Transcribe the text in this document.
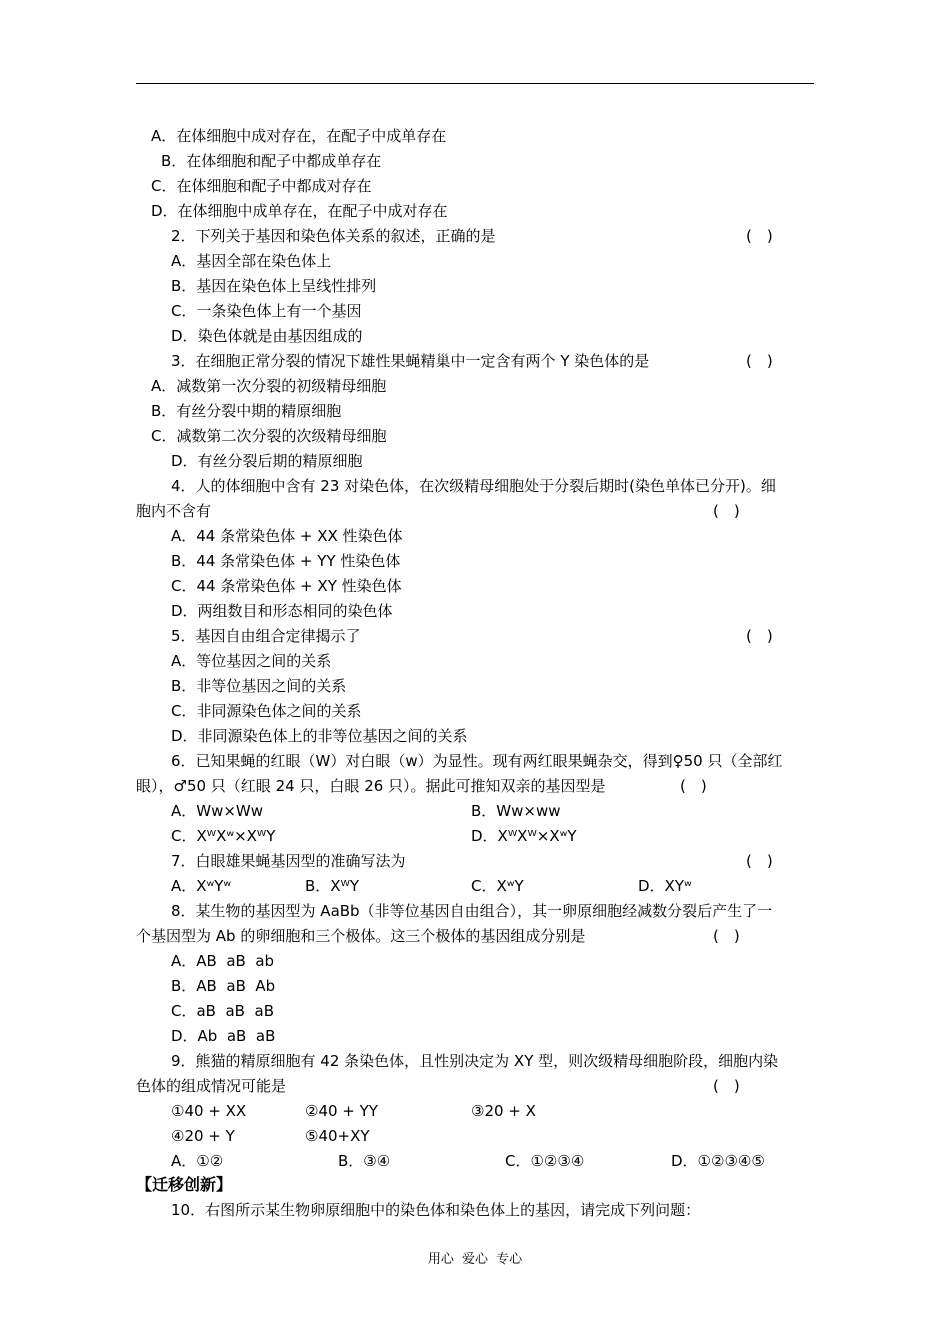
A．在体细胞中成对存在，在配子中成单存在
B．在体细胞和配子中都成单存在
C．在体细胞和配子中都成对存在
D．在体细胞中成单存在，在配子中成对存在
2．下列关于基因和染色体关系的叙述，正确的是	(　)
A．基因全部在染色体上
B．基因在染色体上呈线性排列
C．一条染色体上有一个基因
D．染色体就是由基因组成的
3．在细胞正常分裂的情况下雄性果蝇精巢中一定含有两个 Y 染色体的是	(　)
A．减数第一次分裂的初级精母细胞
B．有丝分裂中期的精原细胞
C．减数第二次分裂的次级精母细胞
D．有丝分裂后期的精原细胞
4．人的体细胞中含有 23 对染色体，在次级精母细胞处于分裂后期时(染色单体已分开)。细
胞内不含有	(　)
A．44 条常染色体 + XX 性染色体
B．44 条常染色体 + YY 性染色体
C．44 条常染色体 + XY 性染色体
D．两组数目和形态相同的染色体
5．基因自由组合定律揭示了	(　)
A．等位基因之间的关系
B．非等位基因之间的关系
C．非同源染色体之间的关系
D．非同源染色体上的非等位基因之间的关系
6．已知果蝇的红眼（W）对白眼（w）为显性。现有两红眼果蝇杂交，得到♀50 只（全部红
眼），♂50 只（红眼 24 只，白眼 26 只）。据此可推知双亲的基因型是	(　)
A．Ww×Ww	B．Ww×ww
C．XᵂXʷ×XᵂY	D．XᵂXᵂ×XʷY
7．白眼雄果蝇基因型的准确写法为	(　)
A．XʷYʷ	B．XᵂY	C．XʷY	D．XYʷ
8．某生物的基因型为 AaBb（非等位基因自由组合），其一卵原细胞经减数分裂后产生了一
个基因型为 Ab 的卵细胞和三个极体。这三个极体的基因组成分别是	(　)
A．AB  aB  ab
B．AB  aB  Ab
C．aB  aB  aB
D．Ab  aB  aB
9．熊猫的精原细胞有 42 条染色体，且性别决定为 XY 型，则次级精母细胞阶段，细胞内染
色体的组成情况可能是	(　)
①40 + XX	②40 + YY	③20 + X
④20 + Y	⑤40+XY
A．①②	B．③④	C．①②③④	D．①②③④⑤
【迁移创新】
10．右图所示某生物卵原细胞中的染色体和染色体上的基因，请完成下列问题：
用心 爱心 专心
